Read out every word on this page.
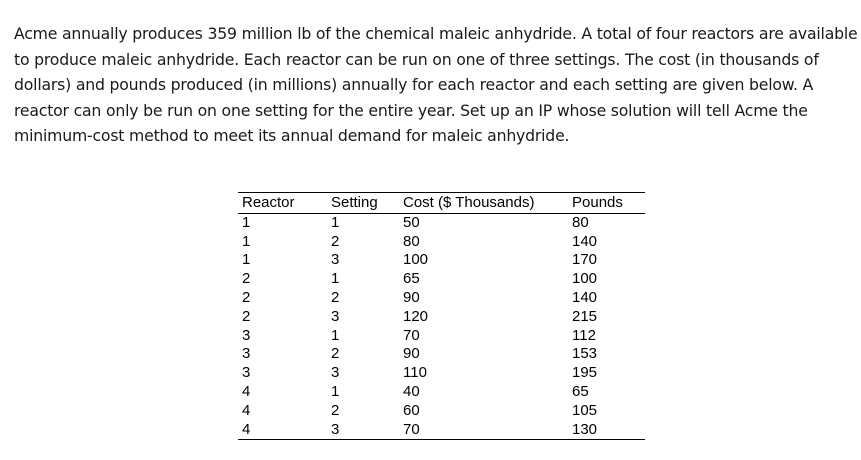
Acme annually produces 359 million lb of the chemical maleic anhydride. A total of four reactors are available to produce maleic anhydride. Each reactor can be run on one of three settings. The cost (in thousands of dollars) and pounds produced (in millions) annually for each reactor and each setting are given below. A reactor can only be run on one setting for the entire year. Set up an IP whose solution will tell Acme the minimum-cost method to meet its annual demand for maleic anhydride.

Reactor	Setting	Cost ($ Thousands)	Pounds
1	1	50	80
1	2	80	140
1	3	100	170
2	1	65	100
2	2	90	140
2	3	120	215
3	1	70	112
3	2	90	153
3	3	110	195
4	1	40	65
4	2	60	105
4	3	70	130
